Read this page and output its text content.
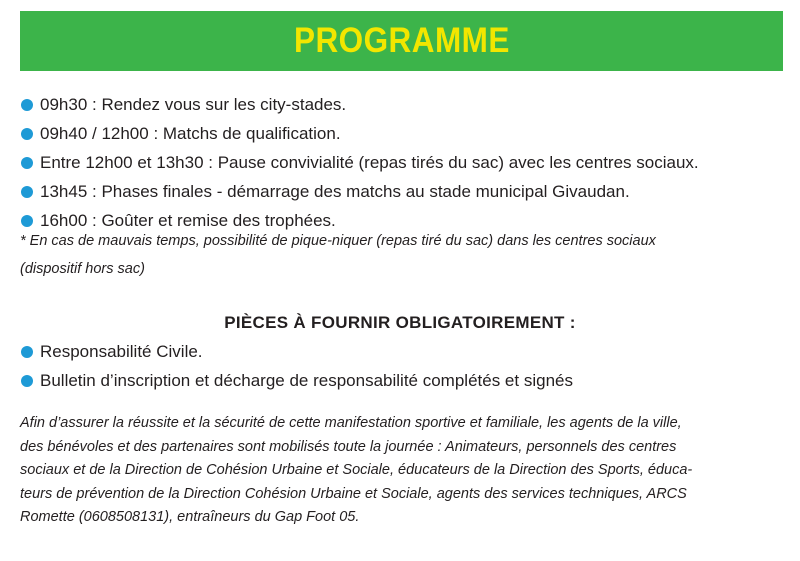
PROGRAMME
09h30 : Rendez vous sur les city-stades.
09h40 / 12h00 : Matchs de qualification.
Entre 12h00 et 13h30 : Pause convivialité (repas tirés du sac) avec les centres sociaux.
13h45 : Phases finales - démarrage des matchs au stade municipal Givaudan.
16h00 : Goûter et remise des trophées.
* En cas de mauvais temps, possibilité de pique-niquer (repas tiré du sac) dans les centres sociaux
(dispositif hors sac)
PIÈCES À FOURNIR OBLIGATOIREMENT :
Responsabilité Civile.
Bulletin d’inscription et décharge de responsabilité complétés et signés
Afin d’assurer la réussite et la sécurité de cette manifestation sportive et familiale, les agents de la ville,
des bénévoles et des partenaires sont mobilisés toute la journée : Animateurs, personnels des centres
sociaux et de la Direction de Cohésion Urbaine et Sociale, éducateurs de la Direction des Sports, éduca-
teurs de prévention de la Direction Cohésion Urbaine et Sociale, agents des services techniques, ARCS
Romette (0608508131), entraîneurs du Gap Foot 05.
